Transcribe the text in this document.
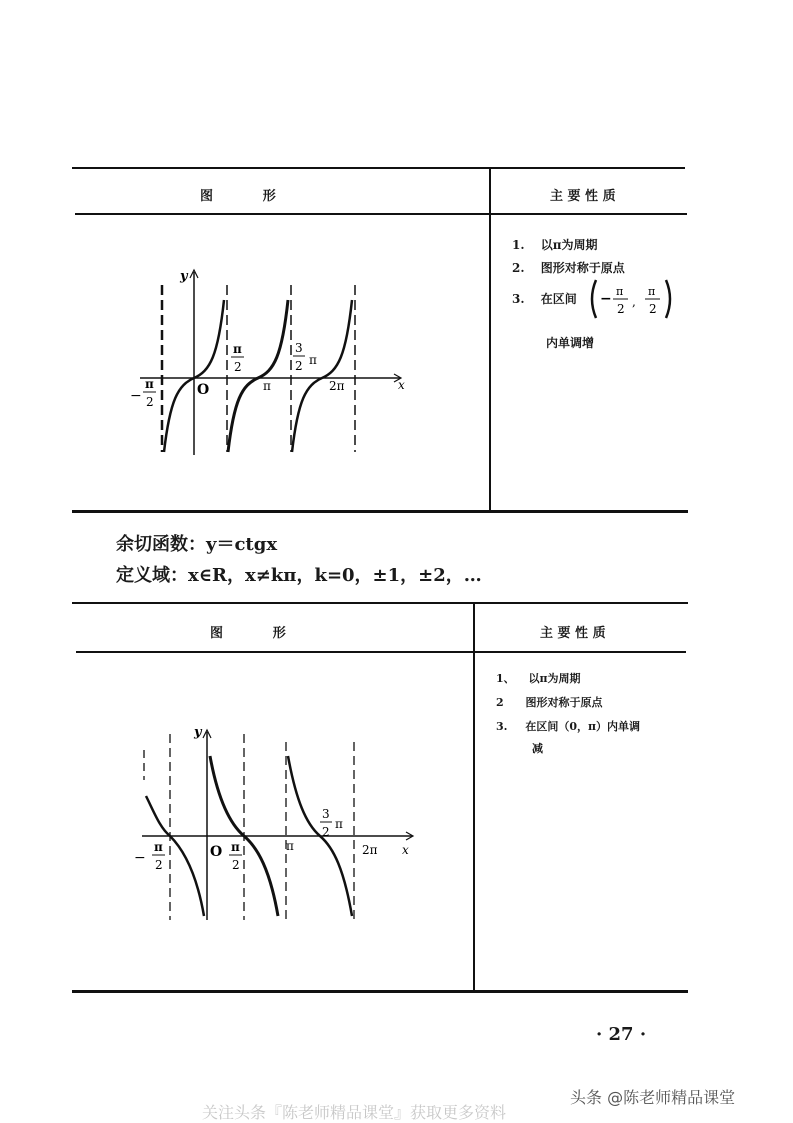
图           形	主 要 性 质
1. 以π为周期
2. 图形对称于原点
3. 在区间 − π
2 ,
π
2
内单调增
y
x
O
−
π
2
π
2
π
3
2 π
2π
余切函数：y＝ctgx
定义域：x∈R，x≠kπ，k=0，±1，±2，…
图           形	主 要 性 质
1、 以π为周期
2 图形对称于原点
3. 在区间（0，π）内单调
减
y
x
O
−
π
2
π
2
π
3
2
π
2π
· 27 ·
关注头条『陈老师精品课堂』获取更多资料
头条 @陈老师精品课堂
